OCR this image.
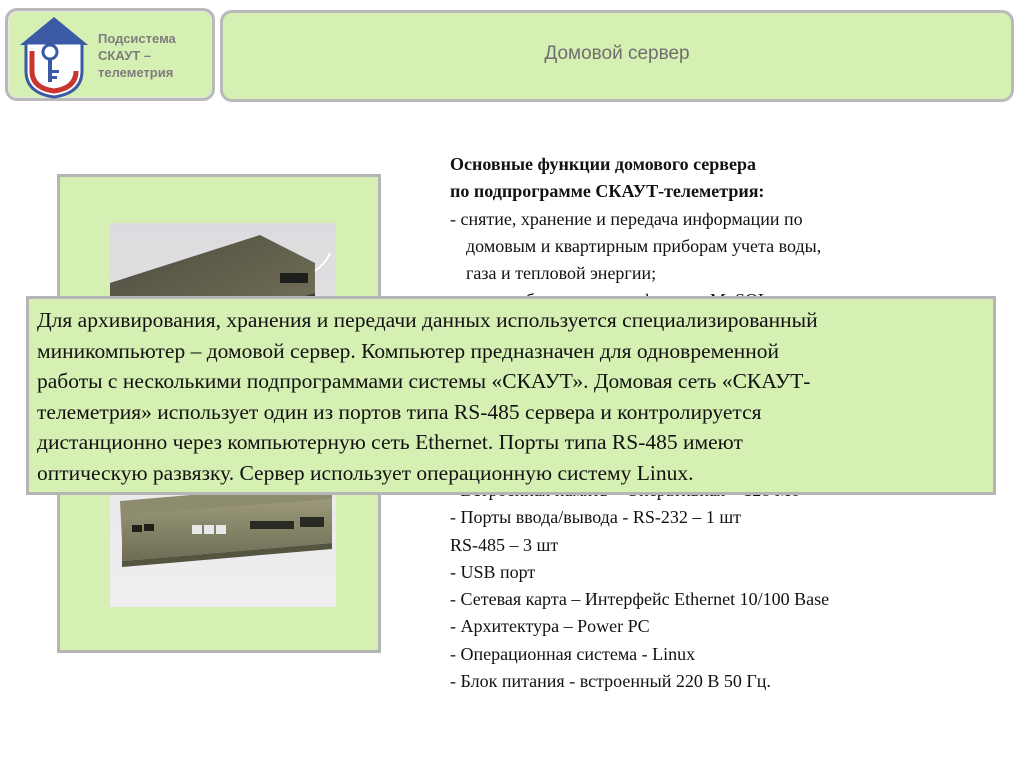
Подсистема
СКАУТ –
телеметрия
Домовой сервер
Основные функции домового сервера
по подпрограмме СКАУТ-телеметрия:
- снятие, хранение и передача информации по
домовым и квартирным приборам учета воды,
газа и тепловой энергии;
- Порты ввода/вывода - RS-232 – 1 шт
RS-485 – 3 шт
- USB порт
- Сетевая карта – Интерфейс Ethernet 10/100 Base
- Архитектура – Power PC
- Операционная система - Linux
- Блок питания - встроенный 220 В 50 Гц.
Для архивирования, хранения и передачи данных используется специализированный
миникомпьютер – домовой сервер. Компьютер предназначен для одновременной
работы с несколькими подпрограммами системы «СКАУТ». Домовая сеть «СКАУТ-
телеметрия» использует один из портов типа RS-485 сервера и контролируется
дистанционно через компьютерную сеть Ethernet. Порты типа RS-485 имеют
оптическую развязку. Сервер использует операционную систему Linux.
